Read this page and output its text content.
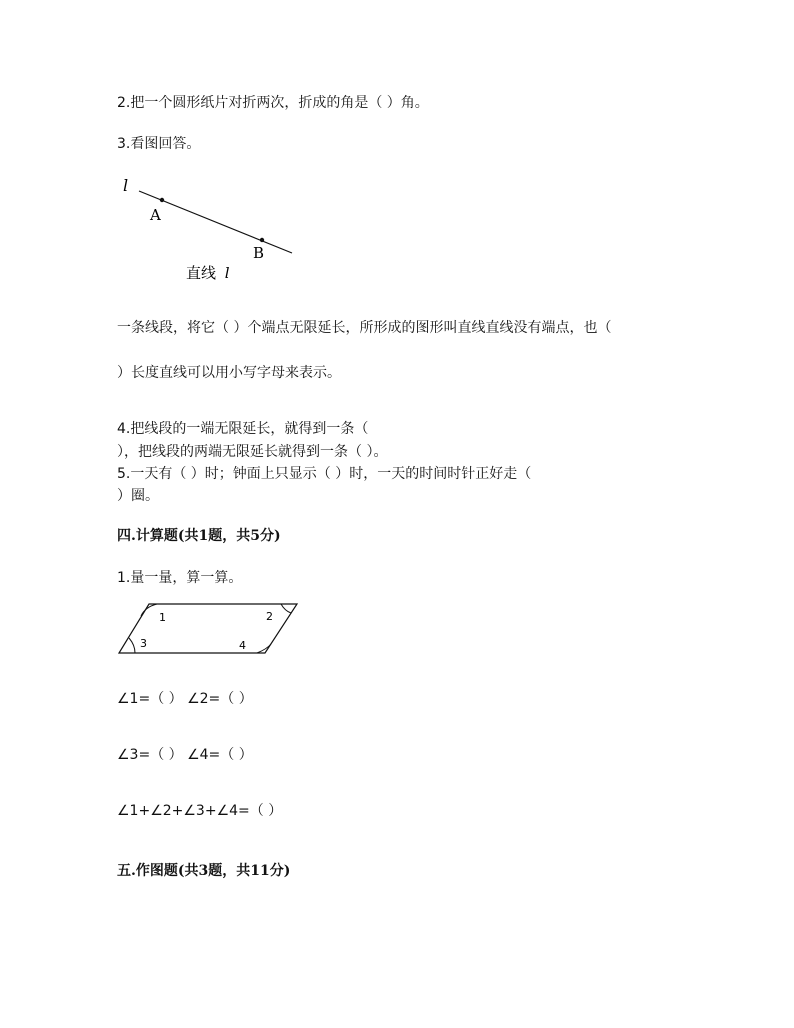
2.把一个圆形纸片对折两次，折成的角是（ ）角。
3.看图回答。
l
A
B
直线 l
一条线段，将它（ ）个端点无限延长，所形成的图形叫直线直线没有端点，也（
）长度直线可以用小写字母来表示。
4.把线段的一端无限延长，就得到一条（
），把线段的两端无限延长就得到一条（ ）。
5.一天有（ ）时；钟面上只显示（ ）时，一天的时间时针正好走（
）圈。
四.计算题(共1题，共5分)
1.量一量，算一算。
1	2
3	4
∠1=（ ） ∠2=（ ）
∠3=（ ） ∠4=（ ）
∠1+∠2+∠3+∠4=（ ）
五.作图题(共3题，共11分)
